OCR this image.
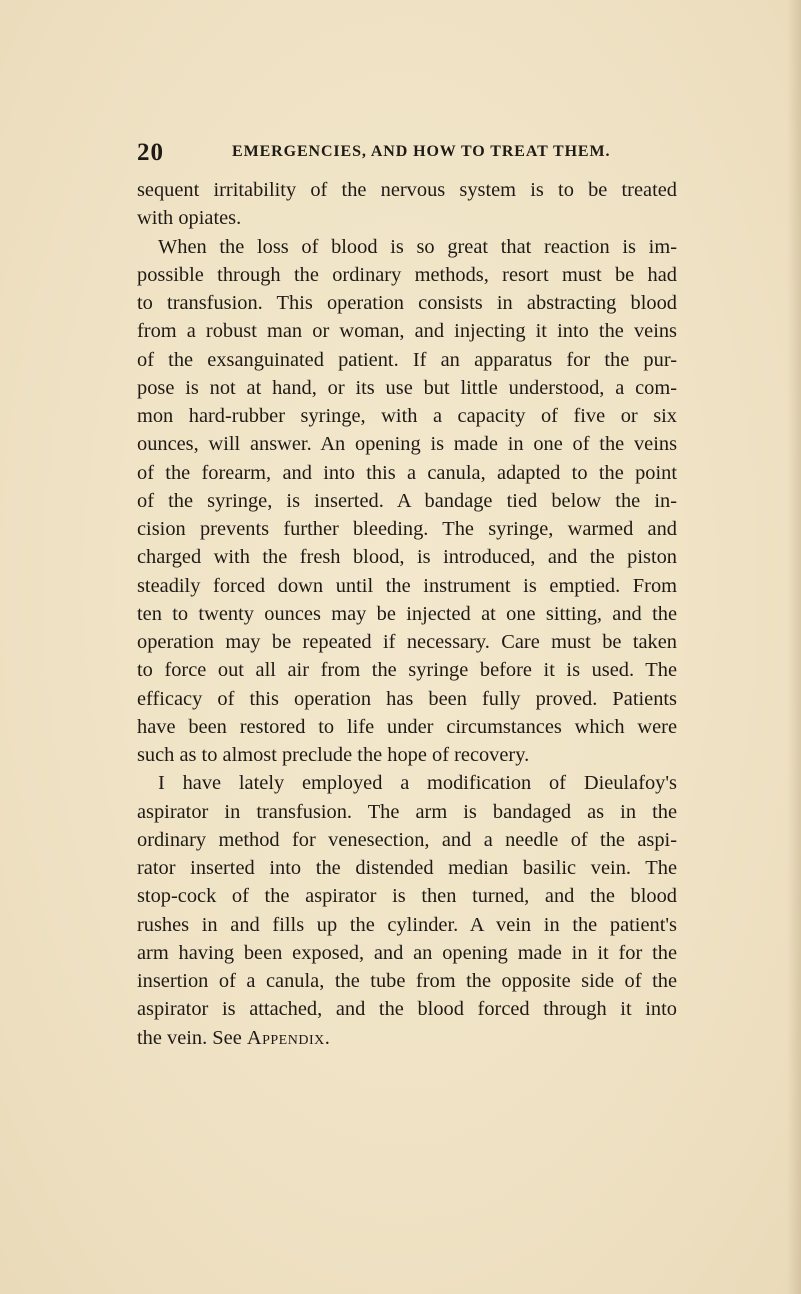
20	EMERGENCIES, AND HOW TO TREAT THEM.
sequent irritability of the nervous system is to be treated
with opiates.
When the loss of blood is so great that reaction is im-
possible through the ordinary methods, resort must be had
to transfusion. This operation consists in abstracting blood
from a robust man or woman, and injecting it into the veins
of the exsanguinated patient. If an apparatus for the pur-
pose is not at hand, or its use but little understood, a com-
mon hard-rubber syringe, with a capacity of five or six
ounces, will answer. An opening is made in one of the veins
of the forearm, and into this a canula, adapted to the point
of the syringe, is inserted. A bandage tied below the in-
cision prevents further bleeding. The syringe, warmed and
charged with the fresh blood, is introduced, and the piston
steadily forced down until the instrument is emptied. From
ten to twenty ounces may be injected at one sitting, and the
operation may be repeated if necessary. Care must be taken
to force out all air from the syringe before it is used. The
efficacy of this operation has been fully proved. Patients
have been restored to life under circumstances which were
such as to almost preclude the hope of recovery.
I have lately employed a modification of Dieulafoy's
aspirator in transfusion. The arm is bandaged as in the
ordinary method for venesection, and a needle of the aspi-
rator inserted into the distended median basilic vein. The
stop-cock of the aspirator is then turned, and the blood
rushes in and fills up the cylinder. A vein in the patient's
arm having been exposed, and an opening made in it for the
insertion of a canula, the tube from the opposite side of the
aspirator is attached, and the blood forced through it into
the vein. See Appendix.
